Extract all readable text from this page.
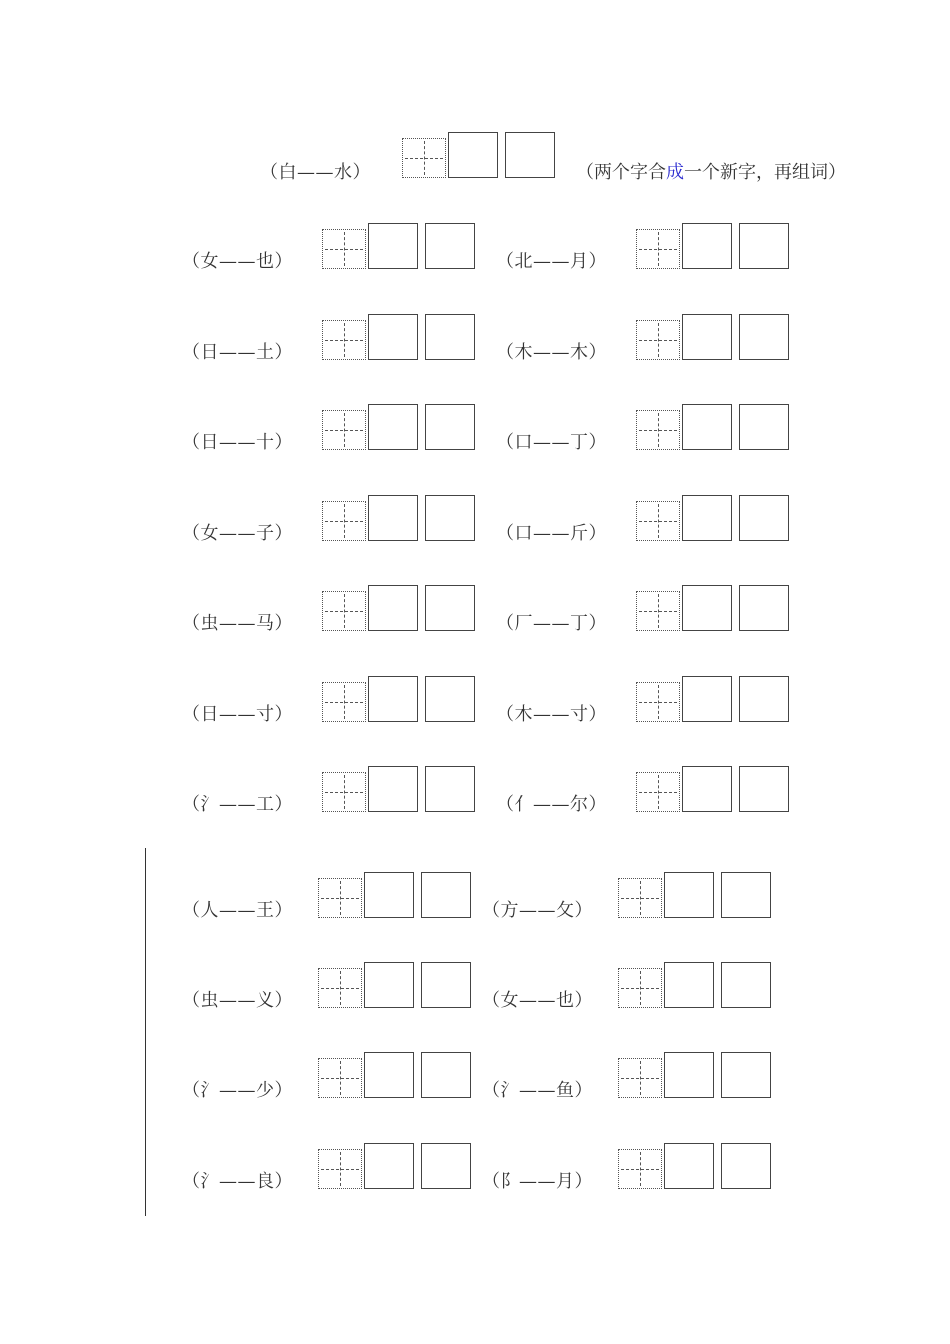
（白——水）	（两个字合成一个新字，再组词）
（女——也）	（北——月）
（日——土）	（木——木）
（日——十）	（口——丁）
（女——子）	（口——斤）
（虫——马）	（厂——丁）
（日——寸）	（木——寸）
（氵——工）	（亻——尔）
（人——王）	（方——攵）
（虫——义）	（女——也）
（氵——少）	（氵——鱼）
（氵——良）	（阝——月）
